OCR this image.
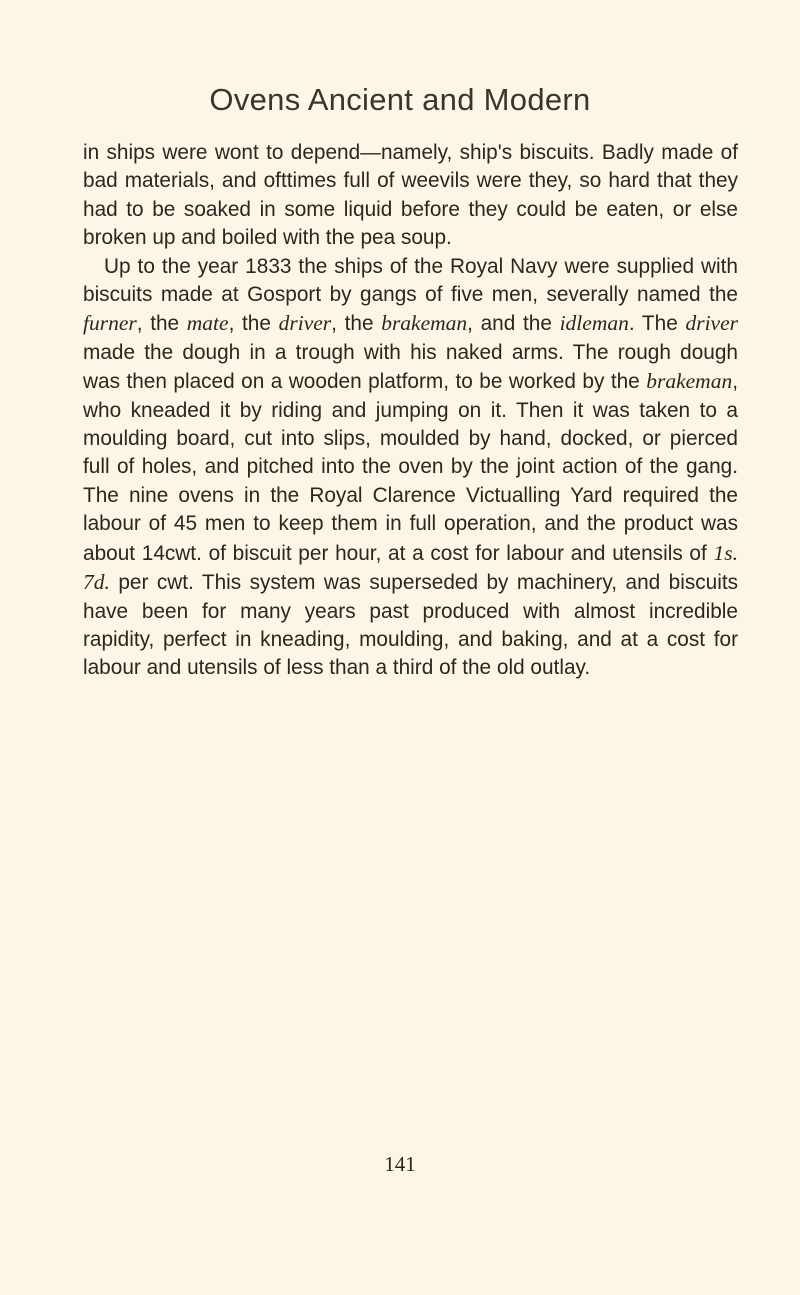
Ovens Ancient and Modern

in ships were wont to depend—namely, ship's biscuits. Badly made of bad materials, and ofttimes full of weevils were they, so hard that they had to be soaked in some liquid before they could be eaten, or else broken up and boiled with the pea soup.

Up to the year 1833 the ships of the Royal Navy were supplied with biscuits made at Gosport by gangs of five men, severally named the furner, the mate, the driver, the brakeman, and the idleman. The driver made the dough in a trough with his naked arms. The rough dough was then placed on a wooden platform, to be worked by the brakeman, who kneaded it by riding and jumping on it. Then it was taken to a moulding board, cut into slips, moulded by hand, docked, or pierced full of holes, and pitched into the oven by the joint action of the gang. The nine ovens in the Royal Clarence Victualling Yard required the labour of 45 men to keep them in full operation, and the product was about 14cwt. of biscuit per hour, at a cost for labour and utensils of 1s. 7d. per cwt. This system was superseded by machinery, and biscuits have been for many years past produced with almost incredible rapidity, perfect in kneading, moulding, and baking, and at a cost for labour and utensils of less than a third of the old outlay.

141
